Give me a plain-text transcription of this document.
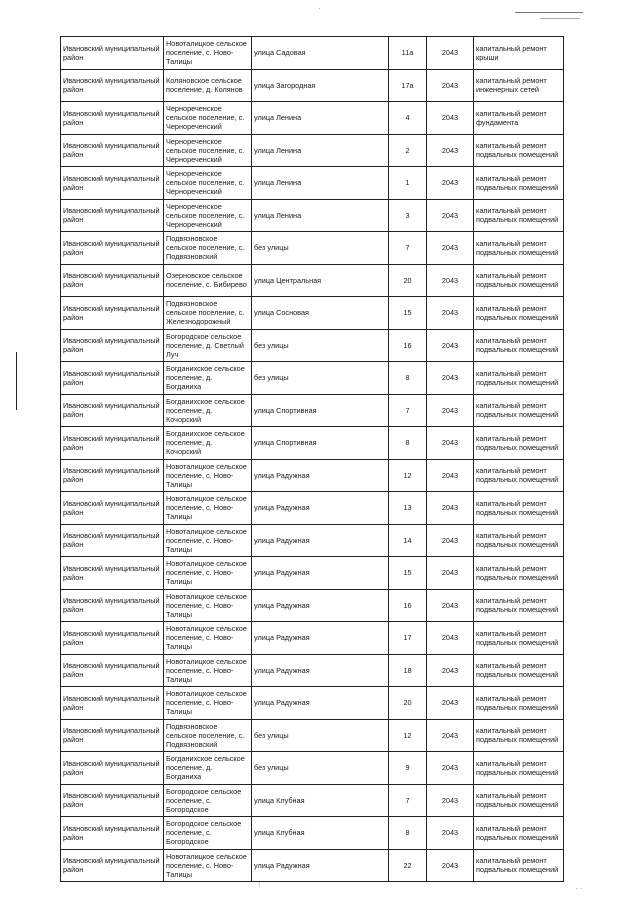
·
⁝	· ·
Ивановский муниципальный район	Новоталицкое сельское поселение, с. Ново-Талицы	улица Садовая	11а	2043	капитальный ремонт крыши
Ивановский муниципальный район	Коляновское сельское поселение, д. Колянов	улица Загородная	17а	2043	капитальный ремонт инженерных сетей
Ивановский муниципальный район	Чернореченское сельское поселение, с. Чернореченский	улица Ленина	4	2043	капитальный ремонт фундамента
Ивановский муниципальный район	Чернореченское сельское поселение, с. Чернореченский	улица Ленина	2	2043	капитальный ремонт подвальных помещений
Ивановский муниципальный район	Чернореченское сельское поселение, с. Чернореченский	улица Ленина	1	2043	капитальный ремонт подвальных помещений
Ивановский муниципальный район	Чернореченское сельское поселение, с. Чернореченский	улица Ленина	3	2043	капитальный ремонт подвальных помещений
Ивановский муниципальный район	Подвязновское сельское поселение, с. Подвязновский	без улицы	7	2043	капитальный ремонт подвальных помещений
Ивановский муниципальный район	Озерновское сельское поселение, с. Бибирево	улица Центральная	20	2043	капитальный ремонт подвальных помещений
Ивановский муниципальный район	Подвязновское сельское поселение, с. Железнодорожный	улица Сосновая	15	2043	капитальный ремонт подвальных помещений
Ивановский муниципальный район	Богородское сельское поселение, д. Светлый Луч	без улицы	16	2043	капитальный ремонт подвальных помещений
Ивановский муниципальный район	Богданихское сельское поселение, д. Богданиха	без улицы	8	2043	капитальный ремонт подвальных помещений
Ивановский муниципальный район	Богданихское сельское поселение, д. Кочорский	улица Спортивная	7	2043	капитальный ремонт подвальных помещений
Ивановский муниципальный район	Богданихское сельское поселение, д. Кочорский	улица Спортивная	8	2043	капитальный ремонт подвальных помещений
Ивановский муниципальный район	Новоталицкое сельское поселение, с. Ново-Талицы	улица Радужная	12	2043	капитальный ремонт подвальных помещений
Ивановский муниципальный район	Новоталицкое сельское поселение, с. Ново-Талицы	улица Радужная	13	2043	капитальный ремонт подвальных помещений
Ивановский муниципальный район	Новоталицкое сельское поселение, с. Ново-Талицы	улица Радужная	14	2043	капитальный ремонт подвальных помещений
Ивановский муниципальный район	Новоталицкое сельское поселение, с. Ново-Талицы	улица Радужная	15	2043	капитальный ремонт подвальных помещений
Ивановский муниципальный район	Новоталицкое сельское поселение, с. Ново-Талицы	улица Радужная	16	2043	капитальный ремонт подвальных помещений
Ивановский муниципальный район	Новоталицкое сельское поселение, с. Ново-Талицы	улица Радужная	17	2043	капитальный ремонт подвальных помещений
Ивановский муниципальный район	Новоталицкое сельское поселение, с. Ново-Талицы	улица Радужная	18	2043	капитальный ремонт подвальных помещений
Ивановский муниципальный район	Новоталицкое сельское поселение, с. Ново-Талицы	улица Радужная	20	2043	капитальный ремонт подвальных помещений
Ивановский муниципальный район	Подвязновское сельское поселение, с. Подвязновский	без улицы	12	2043	капитальный ремонт подвальных помещений
Ивановский муниципальный район	Богданихское сельское поселение, д. Богданиха	без улицы	9	2043	капитальный ремонт подвальных помещений
Ивановский муниципальный район	Богородское сельское поселение, с. Богородское	улица Клубная	7	2043	капитальный ремонт подвальных помещений
Ивановский муниципальный район	Богородское сельское поселение, с. Богородское	улица Клубная	8	2043	капитальный ремонт подвальных помещений
Ивановский муниципальный район	Новоталицкое сельское поселение, с. Ново-Талицы	улица Радужная	22	2043	капитальный ремонт подвальных помещений
